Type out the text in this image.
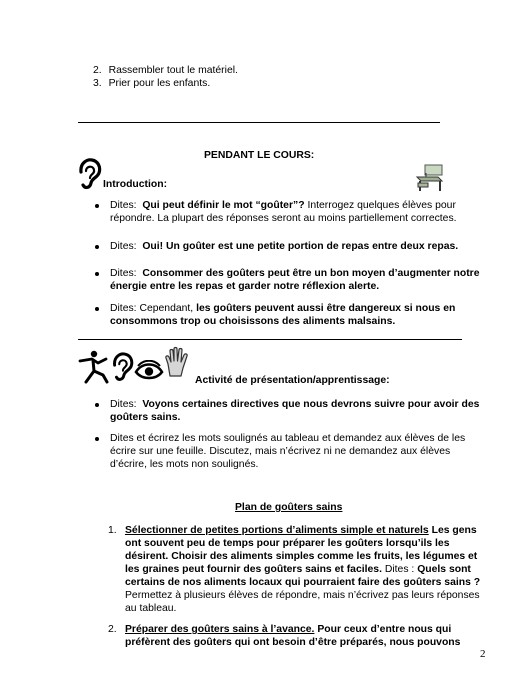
2. Rassembler tout le matériel.
3. Prier pour les enfants.
PENDANT LE COURS:
Introduction:
Dites: Qui peut définir le mot “goûter”? Interrogez quelques élèves pour
répondre. La plupart des réponses seront au moins partiellement correctes.
Dites: Oui! Un goûter est une petite portion de repas entre deux repas.
Dites: Consommer des goûters peut être un bon moyen d’augmenter notre
énergie entre les repas et garder notre réflexion alerte.
Dites: Cependant, les goûters peuvent aussi être dangereux si nous en
consommons trop ou choisissons des aliments malsains.
Activité de présentation/apprentissage:
Dites: Voyons certaines directives que nous devrons suivre pour avoir des
goûters sains.
Dites et écrirez les mots soulignés au tableau et demandez aux élèves de les
écrire sur une feuille. Discutez, mais n’écrivez ni ne demandez aux élèves
d’écrire, les mots non soulignés.
Plan de goûters sains
1. Sélectionner de petites portions d’aliments simple et naturels Les gens
ont souvent peu de temps pour préparer les goûters lorsqu’ils les
désirent. Choisir des aliments simples comme les fruits, les légumes et
les graines peut fournir des goûters sains et faciles. Dites : Quels sont
certains de nos aliments locaux qui pourraient faire des goûters sains ?
Permettez à plusieurs élèves de répondre, mais n’écrivez pas leurs réponses
au tableau.
2. Préparer des goûters sains à l’avance. Pour ceux d’entre nous qui
préfèrent des goûters qui ont besoin d’être préparés, nous pouvons
2
